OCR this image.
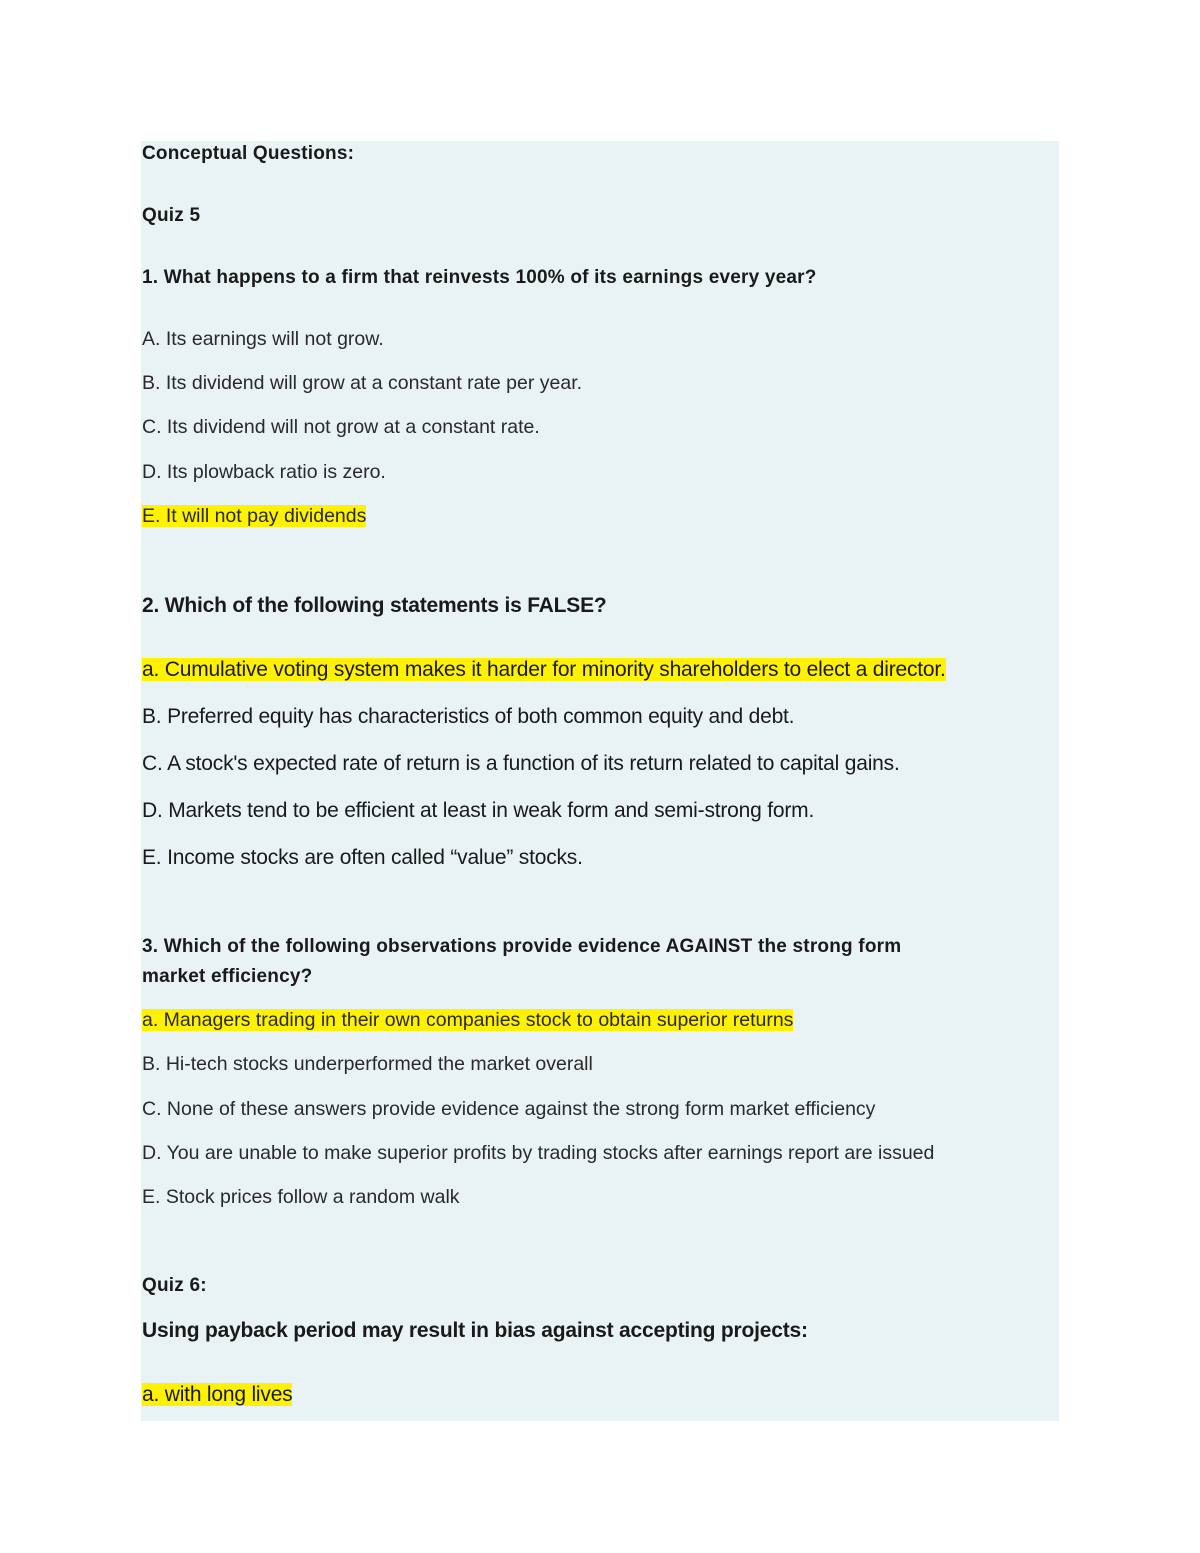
Conceptual Questions:
Quiz 5
1. What happens to a firm that reinvests 100% of its earnings every year?
A. Its earnings will not grow.
B. Its dividend will grow at a constant rate per year.
C. Its dividend will not grow at a constant rate.
D. Its plowback ratio is zero.
E. It will not pay dividends
2. Which of the following statements is FALSE?
a. Cumulative voting system makes it harder for minority shareholders to elect a director.
B. Preferred equity has characteristics of both common equity and debt.
C. A stock's expected rate of return is a function of its return related to capital gains.
D. Markets tend to be efficient at least in weak form and semi-strong form.
E. Income stocks are often called “value” stocks.
3. Which of the following observations provide evidence AGAINST the strong form
market efficiency?
a. Managers trading in their own companies stock to obtain superior returns
B. Hi-tech stocks underperformed the market overall
C. None of these answers provide evidence against the strong form market efficiency
D. You are unable to make superior profits by trading stocks after earnings report are issued
E. Stock prices follow a random walk
Quiz 6:
Using payback period may result in bias against accepting projects:
a. with long lives
